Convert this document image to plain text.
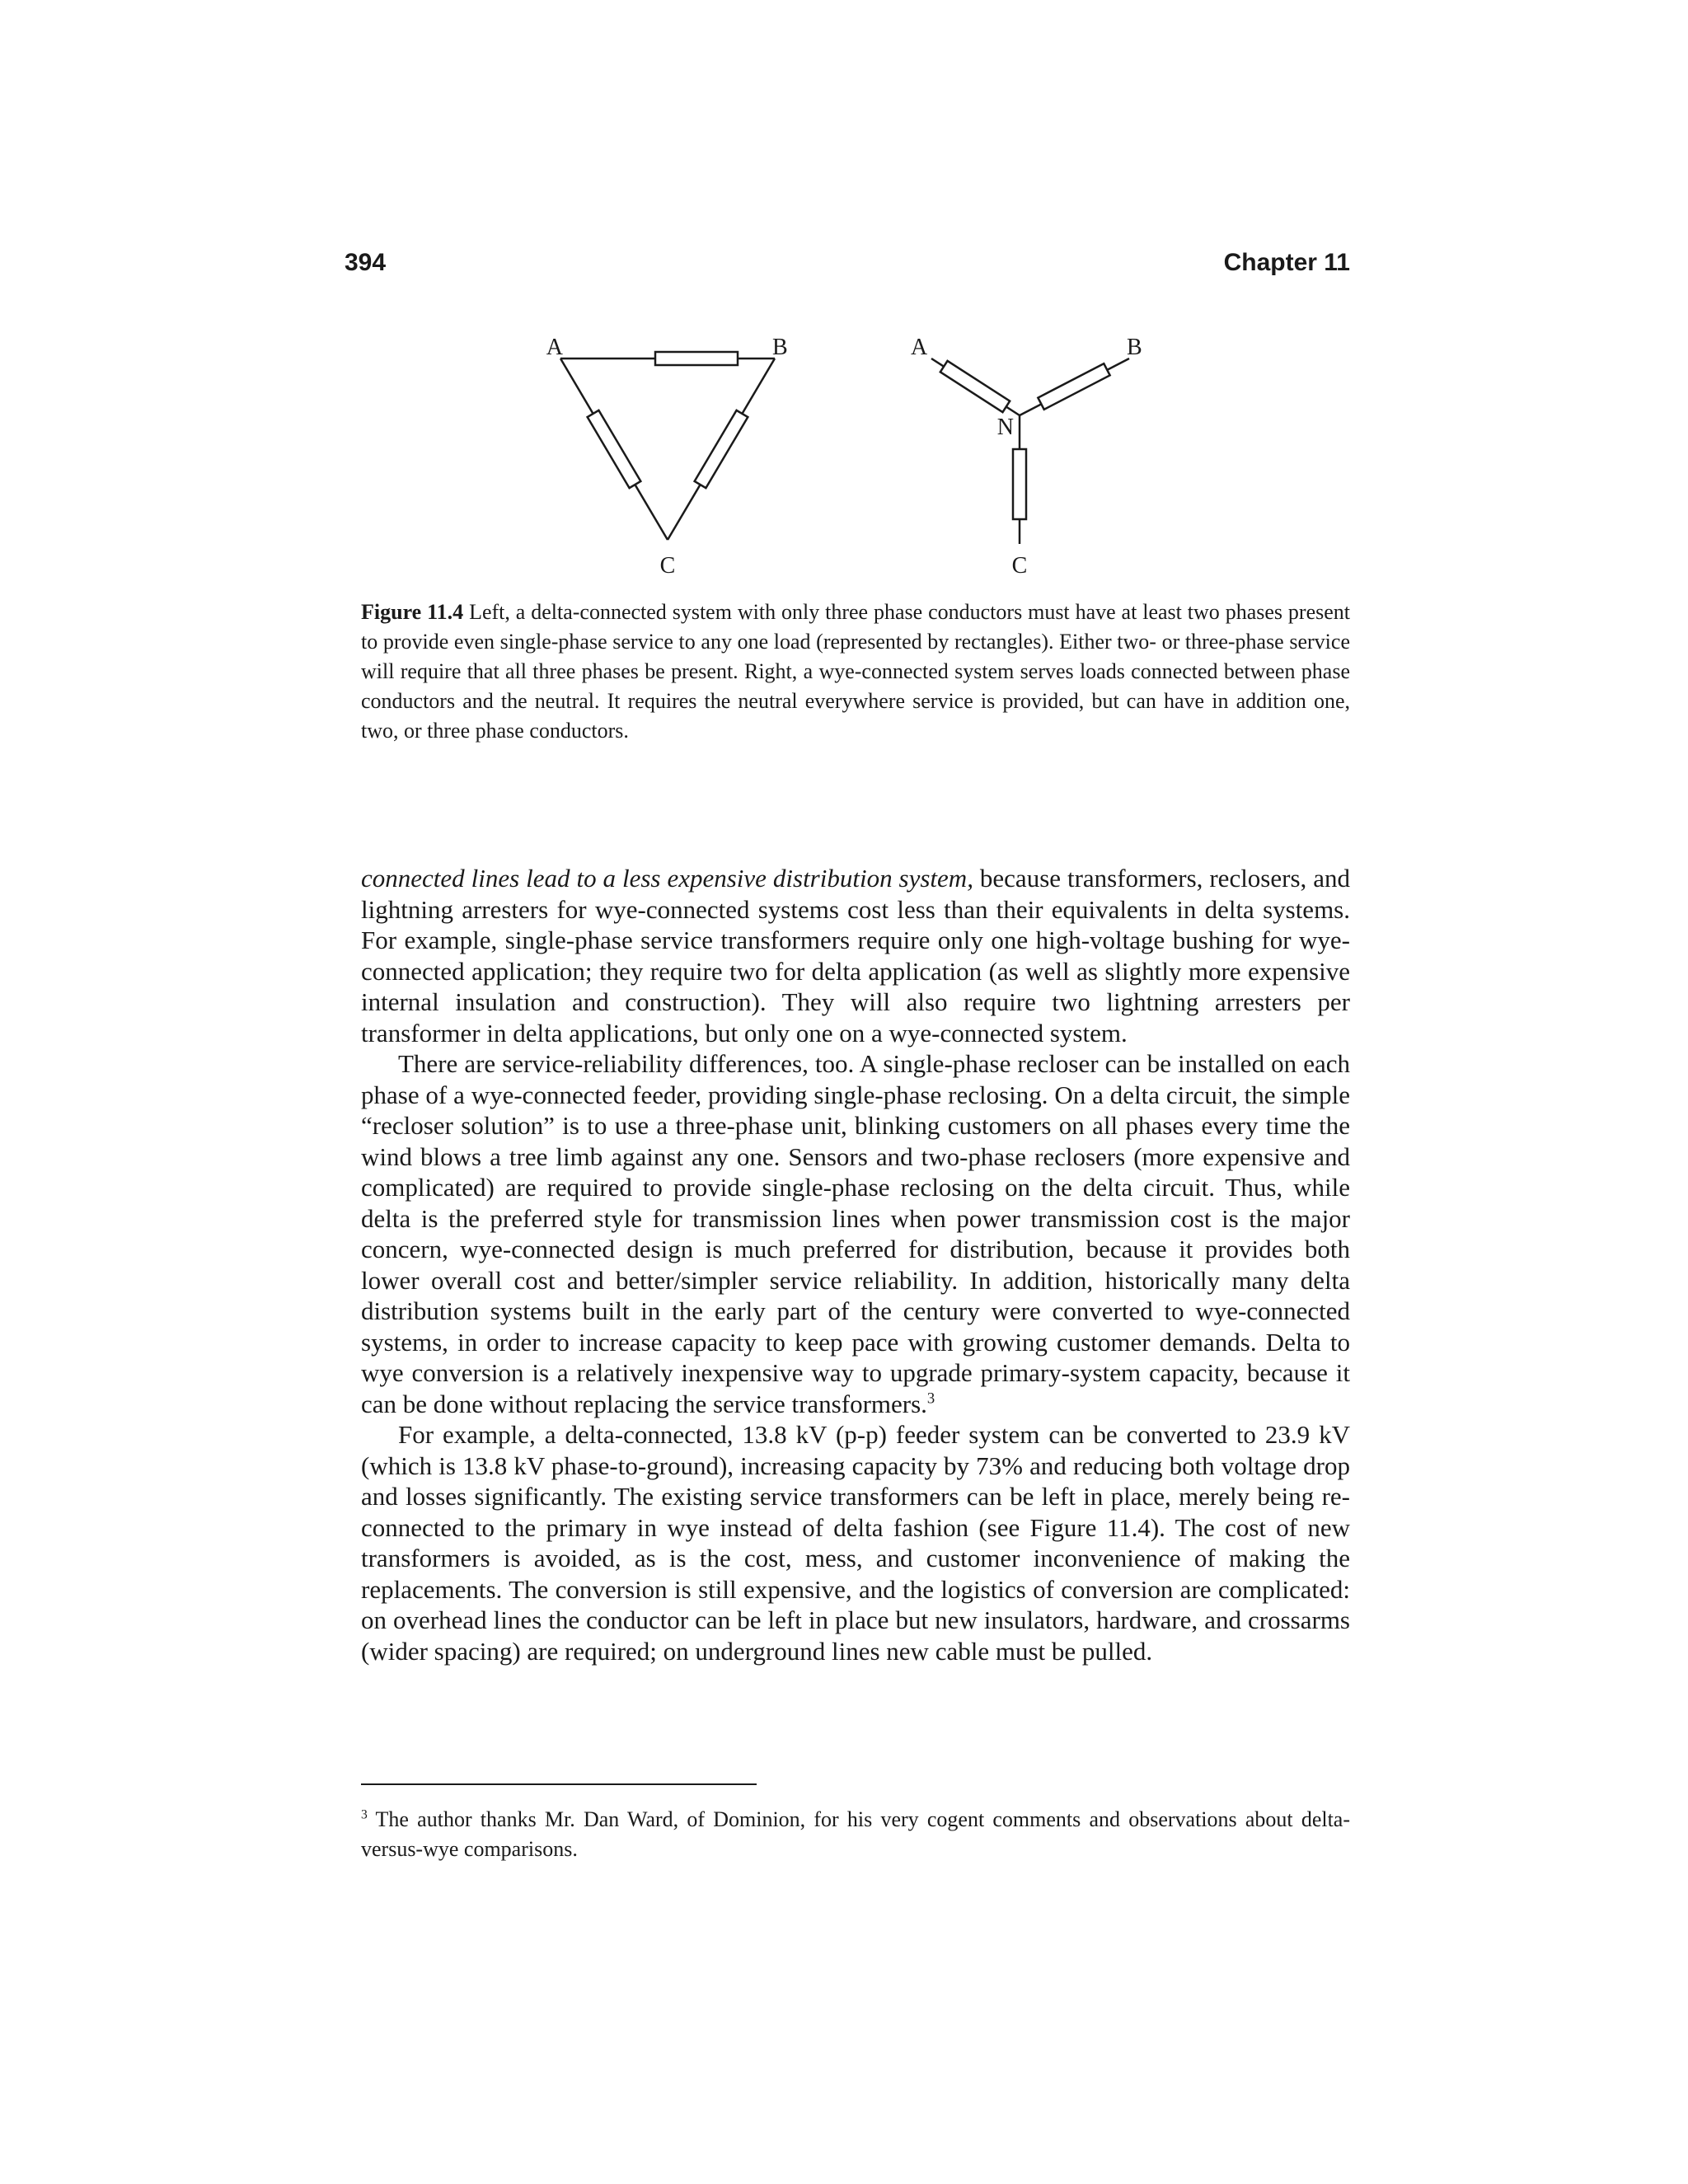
394	Chapter 11
A	B
C
A	B
N
C
Figure 11.4 Left, a delta-connected system with only three phase conductors must have at least two phases present to provide even single-phase service to any one load (represented by rectangles). Either two- or three-phase service will require that all three phases be present. Right, a wye-connected system serves loads connected between phase conductors and the neutral. It requires the neutral everywhere service is provided, but can have in addition one, two, or three phase conductors.

connected lines lead to a less expensive distribution system, because transformers, reclosers, and lightning arresters for wye-connected systems cost less than their equivalents in delta systems. For example, single-phase service transformers require only one high-voltage bushing for wye-connected application; they require two for delta application (as well as slightly more expensive internal insulation and construction). They will also require two lightning arresters per transformer in delta applications, but only one on a wye-connected system.

There are service-reliability differences, too. A single-phase recloser can be installed on each phase of a wye-connected feeder, providing single-phase reclosing. On a delta circuit, the simple “recloser solution” is to use a three-phase unit, blinking customers on all phases every time the wind blows a tree limb against any one. Sensors and two-phase reclosers (more expensive and complicated) are required to provide single-phase reclosing on the delta circuit. Thus, while delta is the preferred style for transmission lines when power transmission cost is the major concern, wye-connected design is much preferred for distribution, because it provides both lower overall cost and better/simpler service reliability. In addition, historically many delta distribution systems built in the early part of the century were converted to wye-connected systems, in order to increase capacity to keep pace with growing customer demands. Delta to wye conversion is a relatively inexpensive way to upgrade primary-system capacity, because it can be done without replacing the service transformers.$^3$

For example, a delta-connected, 13.8 kV (p-p) feeder system can be converted to 23.9 kV (which is 13.8 kV phase-to-ground), increasing capacity by 73% and reducing both voltage drop and losses significantly. The existing service transformers can be left in place, merely being re-connected to the primary in wye instead of delta fashion (see Figure 11.4). The cost of new transformers is avoided, as is the cost, mess, and customer inconvenience of making the replacements. The conversion is still expensive, and the logistics of conversion are complicated: on overhead lines the conductor can be left in place but new insulators, hardware, and crossarms (wider spacing) are required; on underground lines new cable must be pulled.

$^3$ The author thanks Mr. Dan Ward, of Dominion, for his very cogent comments and observations about delta-versus-wye comparisons.
